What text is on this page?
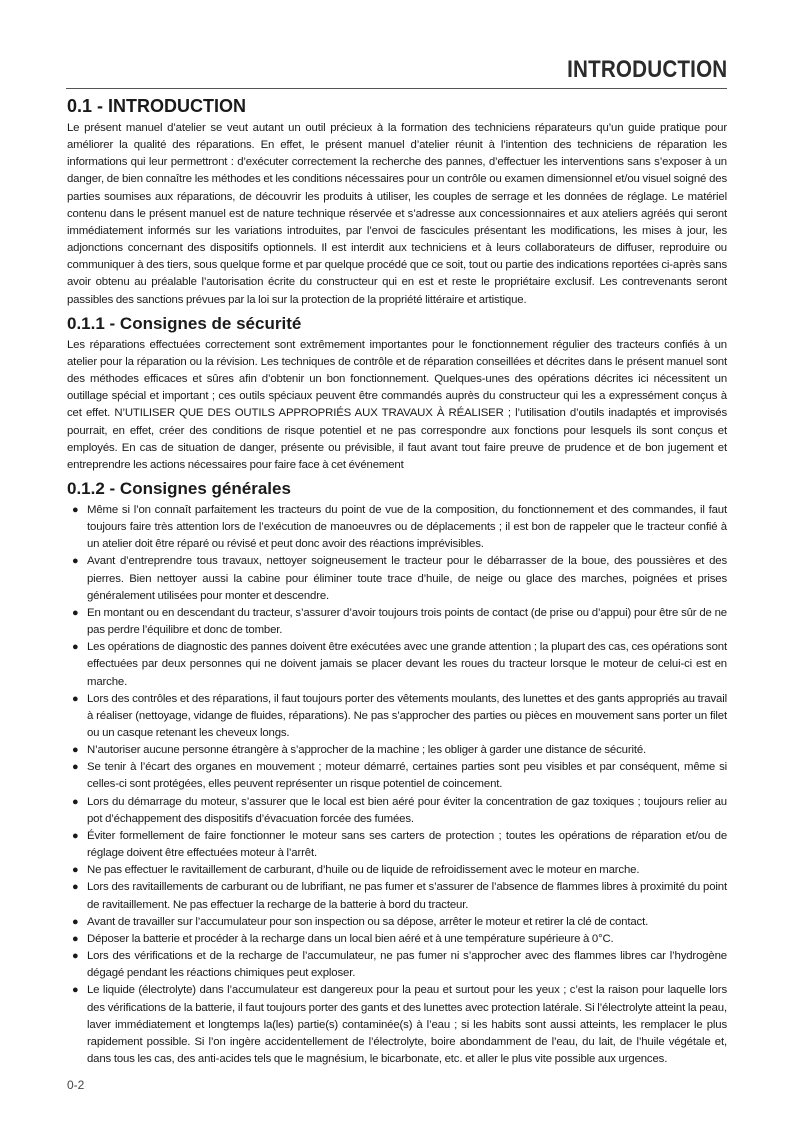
INTRODUCTION
0.1 - INTRODUCTION

Le présent manuel d’atelier se veut autant un outil précieux à la formation des techniciens réparateurs qu’un guide pratique pour améliorer la qualité des réparations. En effet, le présent manuel d’atelier réunit à l’intention des techniciens de réparation les informations qui leur permettront : d’exécuter correctement la recherche des pannes, d’effectuer les interventions sans s’exposer à un danger, de bien connaître les méthodes et les conditions nécessaires pour un contrôle ou examen dimensionnel et/ou visuel soigné des parties soumises aux réparations, de découvrir les produits à utiliser, les couples de serrage et les données de réglage. Le matériel contenu dans le présent manuel est de nature technique réservée et s’adresse aux concessionnaires et aux ateliers agréés qui seront immédiatement informés sur les variations introduites, par l’envoi de fascicules présentant les modifications, les mises à jour, les adjonctions concernant des dispositifs optionnels. Il est interdit aux techniciens et à leurs collaborateurs de diffuser, reproduire ou communiquer à des tiers, sous quelque forme et par quelque procédé que ce soit, tout ou partie des indications reportées ci-après sans avoir obtenu au préalable l’autorisation écrite du constructeur qui en est et reste le propriétaire exclusif. Les contrevenants seront passibles des sanctions prévues par la loi sur la protection de la propriété littéraire et artistique.

0.1.1 - Consignes de sécurité

Les réparations effectuées correctement sont extrêmement importantes pour le fonctionnement régulier des tracteurs confiés à un atelier pour la réparation ou la révision. Les techniques de contrôle et de réparation conseillées et décrites dans le présent manuel sont des méthodes efficaces et sûres afin d’obtenir un bon fonctionnement. Quelques-unes des opérations décrites ici nécessitent un outillage spécial et important ; ces outils spéciaux peuvent être commandés auprès du constructeur qui les a expressément conçus à cet effet. N’UTILISER QUE DES OUTILS APPROPRIÉS AUX TRAVAUX À RÉALISER ; l’utilisation d’outils inadaptés et improvisés pourrait, en effet, créer des conditions de risque potentiel et ne pas correspondre aux fonctions pour lesquels ils sont conçus et employés. En cas de situation de danger, présente ou prévisible, il faut avant tout faire preuve de prudence et de bon jugement et entreprendre les actions nécessaires pour faire face à cet événement

0.1.2 - Consignes générales
● Même si l’on connaît parfaitement les tracteurs du point de vue de la composition, du fonctionnement et des commandes, il faut toujours faire très attention lors de l’exécution de manoeuvres ou de déplacements ; il est bon de rappeler que le tracteur confié à un atelier doit être réparé ou révisé et peut donc avoir des réactions imprévisibles.
● Avant d’entreprendre tous travaux, nettoyer soigneusement le tracteur pour le débarrasser de la boue, des poussières et des pierres. Bien nettoyer aussi la cabine pour éliminer toute trace d’huile, de neige ou glace des marches, poignées et prises généralement utilisées pour monter et descendre.
● En montant ou en descendant du tracteur, s’assurer d’avoir toujours trois points de contact (de prise ou d’appui) pour être sûr de ne pas perdre l’équilibre et donc de tomber.
● Les opérations de diagnostic des pannes doivent être exécutées avec une grande attention ; la plupart des cas, ces opérations sont effectuées par deux personnes qui ne doivent jamais se placer devant les roues du tracteur lorsque le moteur de celui-ci est en marche.
● Lors des contrôles et des réparations, il faut toujours porter des vêtements moulants, des lunettes et des gants appropriés au travail à réaliser (nettoyage, vidange de fluides, réparations). Ne pas s’approcher des parties ou pièces en mouvement sans porter un filet ou un casque retenant les cheveux longs.
● N’autoriser aucune personne étrangère à s’approcher de la machine ; les obliger à garder une distance de sécurité.
● Se tenir à l’écart des organes en mouvement ; moteur démarré, certaines parties sont peu visibles et par conséquent, même si celles-ci sont protégées, elles peuvent représenter un risque potentiel de coincement.
● Lors du démarrage du moteur, s’assurer que le local est bien aéré pour éviter la concentration de gaz toxiques ; toujours relier au pot d’échappement des dispositifs d’évacuation forcée des fumées.
● Éviter formellement de faire fonctionner le moteur sans ses carters de protection ; toutes les opérations de réparation et/ou de réglage doivent être effectuées moteur à l’arrêt.
● Ne pas effectuer le ravitaillement de carburant, d’huile ou de liquide de refroidissement avec le moteur en marche.
● Lors des ravitaillements de carburant ou de lubrifiant, ne pas fumer et s’assurer de l’absence de flammes libres à proximité du point de ravitaillement. Ne pas effectuer la recharge de la batterie à bord du tracteur.
● Avant de travailler sur l’accumulateur pour son inspection ou sa dépose, arrêter le moteur et retirer la clé de contact.
● Déposer la batterie et procéder à la recharge dans un local bien aéré et à une température supérieure à 0°C.
● Lors des vérifications et de la recharge de l’accumulateur, ne pas fumer ni s’approcher avec des flammes libres car l’hydrogène dégagé pendant les réactions chimiques peut exploser.
● Le liquide (électrolyte) dans l’accumulateur est dangereux pour la peau et surtout pour les yeux ; c’est la raison pour laquelle lors des vérifications de la batterie, il faut toujours porter des gants et des lunettes avec protection latérale. Si l’électrolyte atteint la peau, laver immédiatement et longtemps la(les) partie(s) contaminée(s) à l’eau ; si les habits sont aussi atteints, les remplacer le plus rapidement possible. Si l’on ingère accidentellement de l’électrolyte, boire abondamment de l’eau, du lait, de l’huile végétale et, dans tous les cas, des anti-acides tels que le magnésium, le bicarbonate, etc. et aller le plus vite possible aux urgences.
0-2
